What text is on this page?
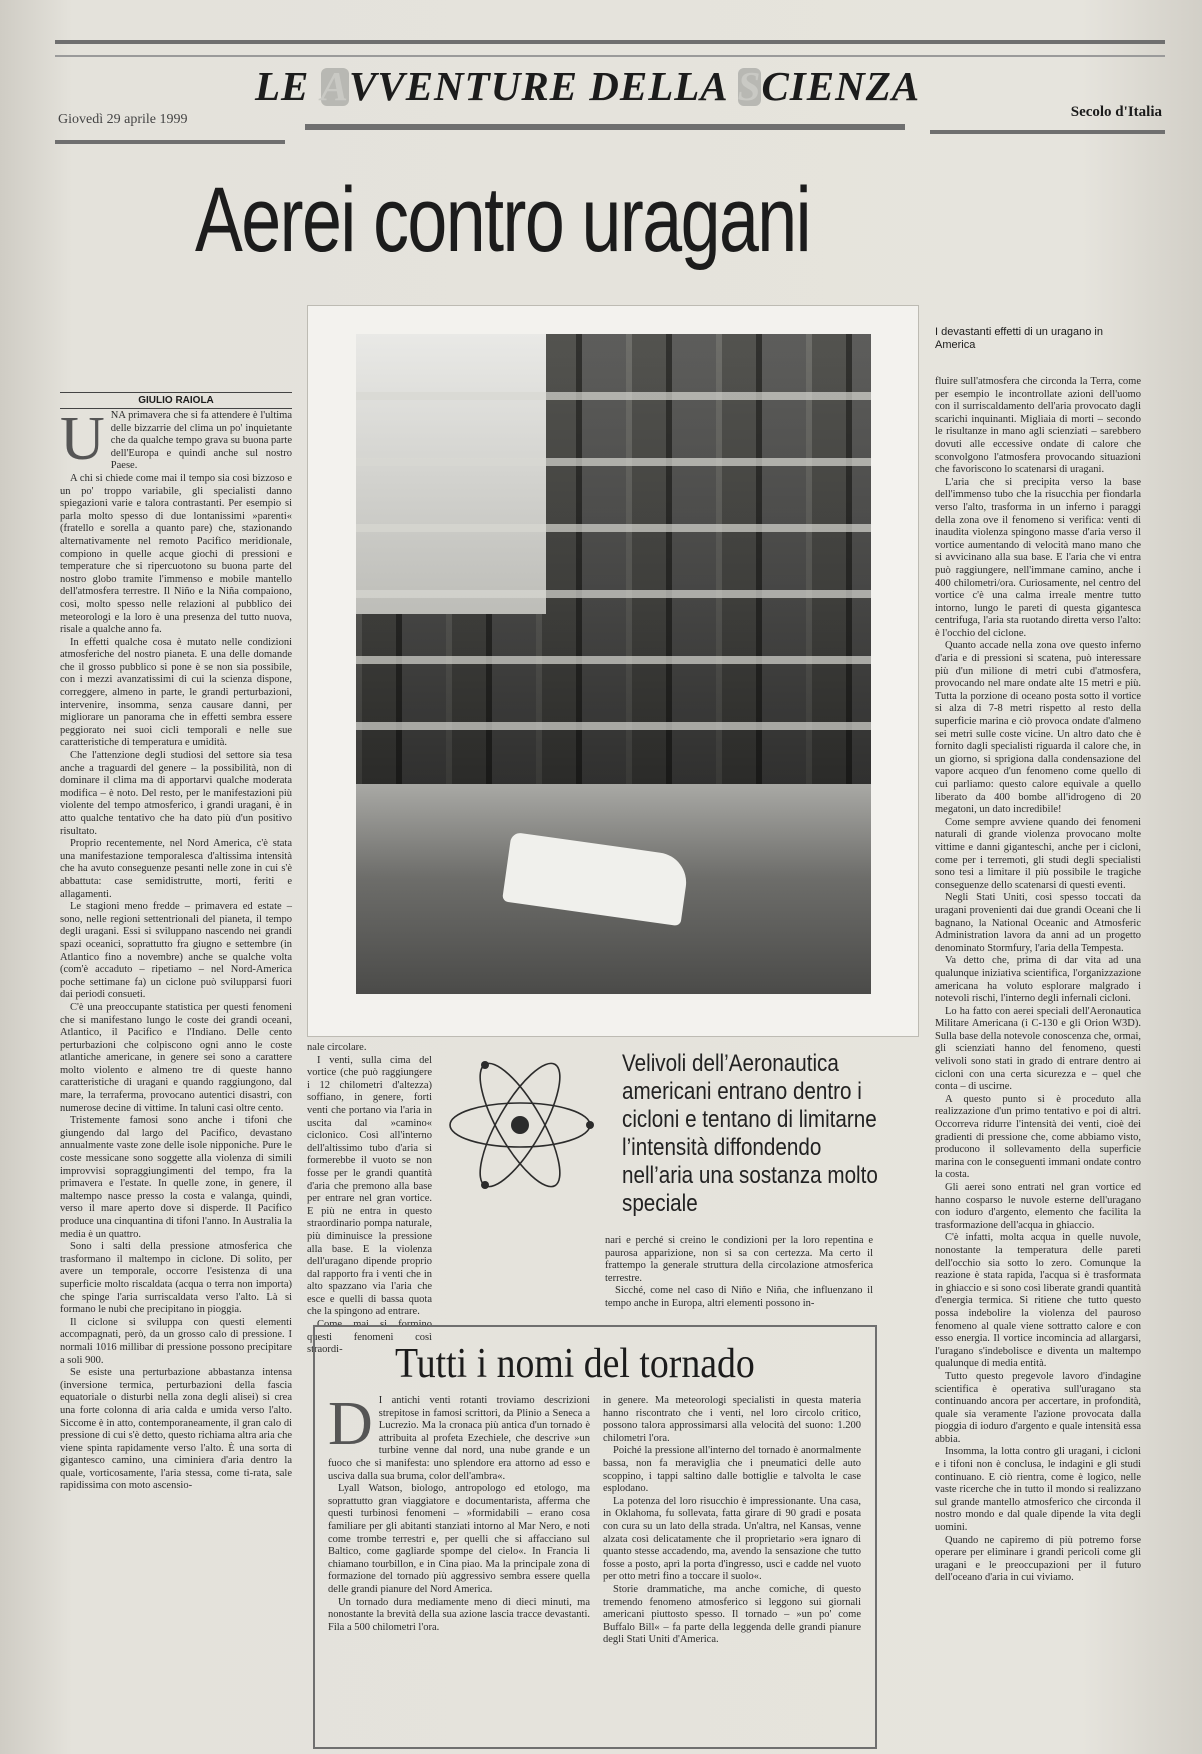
LE AVVENTURE DELLA SCIENZA
Giovedì 29 aprile 1999	Secolo d'Italia
Aerei contro uragani
GIULIO RAIOLA
U NA primavera che si fa attendere è l'ultima delle bizzarrie del clima un po' inquietante che da qualche tempo grava su buona parte dell'Europa e quindi anche sul nostro Paese.

A chi si chiede come mai il tempo sia così bizzoso e un po' troppo variabile, gli specialisti danno spiegazioni varie e talora contrastanti. Per esempio si parla molto spesso di due lontanissimi »parenti« (fratello e sorella a quanto pare) che, stazionando alternativamente nel remoto Pacifico meridionale, compiono in quelle acque giochi di pressioni e temperature che si ripercuotono su buona parte del nostro globo tramite l'immenso e mobile mantello dell'atmosfera terrestre. Il Niño e la Niña compaiono, così, molto spesso nelle relazioni al pubblico dei meteorologi e la loro è una presenza del tutto nuova, risale a qualche anno fa.

In effetti qualche cosa è mutato nelle condizioni atmosferiche del nostro pianeta. E una delle domande che il grosso pubblico si pone è se non sia possibile, con i mezzi avanzatissimi di cui la scienza dispone, correggere, almeno in parte, le grandi perturbazioni, intervenire, insomma, senza causare danni, per migliorare un panorama che in effetti sembra essere peggiorato nei suoi cicli temporali e nelle sue caratteristiche di temperatura e umidità.

Che l'attenzione degli studiosi del settore sia tesa anche a traguardi del genere – la possibilità, non di dominare il clima ma di apportarvi qualche moderata modifica – è noto. Del resto, per le manifestazioni più violente del tempo atmosferico, i grandi uragani, è in atto qualche tentativo che ha dato più d'un positivo risultato.

Proprio recentemente, nel Nord America, c'è stata una manifestazione temporalesca d'altissima intensità che ha avuto conseguenze pesanti nelle zone in cui s'è abbattuta: case semidistrutte, morti, feriti e allagamenti.

Le stagioni meno fredde – primavera ed estate – sono, nelle regioni settentrionali del pianeta, il tempo degli uragani. Essi si sviluppano nascendo nei grandi spazi oceanici, soprattutto fra giugno e settembre (in Atlantico fino a novembre) anche se qualche volta (com'è accaduto – ripetiamo – nel Nord-America poche settimane fa) un ciclone può svilupparsi fuori dai periodi consueti.

C'è una preoccupante statistica per questi fenomeni che si manifestano lungo le coste dei grandi oceani, Atlantico, il Pacifico e l'Indiano. Delle cento perturbazioni che colpiscono ogni anno le coste atlantiche americane, in genere sei sono a carattere molto violento e almeno tre di queste hanno caratteristiche di uragani e quando raggiungono, dal mare, la terraferma, provocano autentici disastri, con numerose decine di vittime. In taluni casi oltre cento.

Tristemente famosi sono anche i tifoni che giungendo dal largo del Pacifico, devastano annualmente vaste zone delle isole nipponiche. Pure le coste messicane sono soggette alla violenza di simili improvvisi sopraggiungimenti del tempo, fra la primavera e l'estate. In quelle zone, in genere, il maltempo nasce presso la costa e valanga, quindi, verso il mare aperto dove si disperde. Il Pacifico produce una cinquantina di tifoni l'anno. In Australia la media è un quattro.

Sono i salti della pressione atmosferica che trasformano il maltempo in ciclone. Di solito, per avere un temporale, occorre l'esistenza di una superficie molto riscaldata (acqua o terra non importa) che spinge l'aria surriscaldata verso l'alto. Là si formano le nubi che precipitano in pioggia.

Il ciclone si sviluppa con questi elementi accompagnati, però, da un grosso calo di pressione. I normali 1016 millibar di pressione possono precipitare a soli 900.

Se esiste una perturbazione abbastanza intensa (inversione termica, perturbazioni della fascia equatoriale o disturbi nella zona degli alisei) si crea una forte colonna di aria calda e umida verso l'alto. Siccome è in atto, contemporaneamente, il gran calo di pressione di cui s'è detto, questo richiama altra aria che viene spinta rapidamente verso l'alto. È una sorta di gigantesco camino, una ciminiera d'aria dentro la quale, vorticosamente, l'aria stessa, come ti-rata, sale rapidissima con moto ascensio-

I devastanti effetti di un uragano in America

nale circolare.

I venti, sulla cima del vortice (che può raggiungere i 12 chilometri d'altezza) soffiano, in genere, forti venti che portano via l'aria in uscita dal »camino« ciclonico. Così all'interno dell'altissimo tubo d'aria si formerebbe il vuoto se non fosse per le grandi quantità d'aria che premono alla base per entrare nel gran vortice. E più ne entra in questo straordinario pompa naturale, più diminuisce la pressione alla base. E la violenza dell'uragano dipende proprio dal rapporto fra i venti che in alto spazzano via l'aria che esce e quelli di bassa quota che la spingono ad entrare.

Come mai si formino questi fenomeni così straordi-

Velivoli dell’Aeronautica americani entrano dentro i cicloni e tentano di limitarne l’intensità diffondendo nell’aria una sostanza molto speciale

nari e perché si creino le condizioni per la loro repentina e paurosa apparizione, non si sa con certezza. Ma certo il frattempo la generale struttura della circolazione atmosferica terrestre.

Sicché, come nel caso di Niño e Niña, che influenzano il tempo anche in Europa, altri elementi possono in-

fluire sull'atmosfera che circonda la Terra, come per esempio le incontrollate azioni dell'uomo con il surriscaldamento dell'aria provocato dagli scarichi inquinanti. Migliaia di morti – secondo le risultanze in mano agli scienziati – sarebbero dovuti alle eccessive ondate di calore che sconvolgono l'atmosfera provocando situazioni che favoriscono lo scatenarsi di uragani.

L'aria che si precipita verso la base dell'immenso tubo che la risucchia per fiondarla verso l'alto, trasforma in un inferno i paraggi della zona ove il fenomeno si verifica: venti di inaudita violenza spingono masse d'aria verso il vortice aumentando di velocità mano mano che si avvicinano alla sua base. E l'aria che vi entra può raggiungere, nell'immane camino, anche i 400 chilometri/ora. Curiosamente, nel centro del vortice c'è una calma irreale mentre tutto intorno, lungo le pareti di questa gigantesca centrifuga, l'aria sta ruotando diretta verso l'alto: è l'occhio del ciclone.

Quanto accade nella zona ove questo inferno d'aria e di pressioni si scatena, può interessare più d'un milione di metri cubi d'atmosfera, provocando nel mare ondate alte 15 metri e più. Tutta la porzione di oceano posta sotto il vortice si alza di 7-8 metri rispetto al resto della superficie marina e ciò provoca ondate d'almeno sei metri sulle coste vicine. Un altro dato che è fornito dagli specialisti riguarda il calore che, in un giorno, si sprigiona dalla condensazione del vapore acqueo d'un fenomeno come quello di cui parliamo: questo calore equivale a quello liberato da 400 bombe all'idrogeno di 20 megatoni, un dato incredibile!

Come sempre avviene quando dei fenomeni naturali di grande violenza provocano molte vittime e danni giganteschi, anche per i cicloni, come per i terremoti, gli studi degli specialisti sono tesi a limitare il più possibile le tragiche conseguenze dello scatenarsi di questi eventi.

Negli Stati Uniti, così spesso toccati da uragani provenienti dai due grandi Oceani che li bagnano, la National Oceanic and Atmosferic Administration lavora da anni ad un progetto denominato Stormfury, l'aria della Tempesta.

Va detto che, prima di dar vita ad una qualunque iniziativa scientifica, l'organizzazione americana ha voluto esplorare malgrado i notevoli rischi, l'interno degli infernali cicloni.

Lo ha fatto con aerei speciali dell'Aeronautica Militare Americana (i C-130 e gli Orion W3D). Sulla base della notevole conoscenza che, ormai, gli scienziati hanno del fenomeno, questi velivoli sono stati in grado di entrare dentro ai cicloni con una certa sicurezza e – quel che conta – di uscirne.

A questo punto si è proceduto alla realizzazione d'un primo tentativo e poi di altri. Occorreva ridurre l'intensità dei venti, cioè dei gradienti di pressione che, come abbiamo visto, producono il sollevamento della superficie marina con le conseguenti immani ondate contro la costa.

Gli aerei sono entrati nel gran vortice ed hanno cosparso le nuvole esterne dell'uragano con ioduro d'argento, elemento che facilita la trasformazione dell'acqua in ghiaccio.

C'è infatti, molta acqua in quelle nuvole, nonostante la temperatura delle pareti dell'occhio sia sotto lo zero. Comunque la reazione è stata rapida, l'acqua si è trasformata in ghiaccio e si sono così liberate grandi quantità d'energia termica. Si ritiene che tutto questo possa indebolire la violenza del pauroso fenomeno al quale viene sottratto calore e con esso energia. Il vortice incomincia ad allargarsi, l'uragano s'indebolisce e diventa un maltempo qualunque di media entità.

Tutto questo pregevole lavoro d'indagine scientifica è operativa sull'uragano sta continuando ancora per accertare, in profondità, quale sia veramente l'azione provocata dalla pioggia di ioduro d'argento e quale intensità essa abbia.

Insomma, la lotta contro gli uragani, i cicloni e i tifoni non è conclusa, le indagini e gli studi continuano. E ciò rientra, come è logico, nelle vaste ricerche che in tutto il mondo si realizzano sul grande mantello atmosferico che circonda il nostro mondo e dal quale dipende la vita degli uomini.

Quando ne capiremo di più potremo forse operare per eliminare i grandi pericoli come gli uragani e le preoccupazioni per il futuro dell'oceano d'aria in cui viviamo.

Tutti i nomi del tornado
D I antichi venti rotanti troviamo descrizioni strepitose in famosi scrittori, da Plinio a Seneca a Lucrezio. Ma la cronaca più antica d'un tornado è attribuita al profeta Ezechiele, che descrive »un turbine venne dal nord, una nube grande e un fuoco che si manifesta: uno splendore era attorno ad esso e usciva dalla sua bruma, color dell'ambra«.

Lyall Watson, biologo, antropologo ed etologo, ma soprattutto gran viaggiatore e documentarista, afferma che questi turbinosi fenomeni – »formidabili – erano cosa familiare per gli abitanti stanziati intorno al Mar Nero, e noti come trombe terrestri e, per quelli che si affacciano sul Baltico, come gagliarde spompe del cielo«. In Francia li chiamano tourbillon, e in Cina piao. Ma la principale zona di formazione del tornado più aggressivo sembra essere quella delle grandi pianure del Nord America.

Un tornado dura mediamente meno di dieci minuti, ma nonostante la brevità della sua azione lascia tracce devastanti. Fila a 500 chilometri l'ora.

in genere. Ma meteorologi specialisti in questa materia hanno riscontrato che i venti, nel loro circolo critico, possono talora approssimarsi alla velocità del suono: 1.200 chilometri l'ora.

Poiché la pressione all'interno del tornado è anormalmente bassa, non fa meraviglia che i pneumatici delle auto scoppino, i tappi saltino dalle bottiglie e talvolta le case esplodano.

La potenza del loro risucchio è impressionante. Una casa, in Oklahoma, fu sollevata, fatta girare di 90 gradi e posata con cura su un lato della strada. Un'altra, nel Kansas, venne alzata così delicatamente che il proprietario »era ignaro di quanto stesse accadendo, ma, avendo la sensazione che tutto fosse a posto, aprì la porta d'ingresso, uscì e cadde nel vuoto per otto metri fino a toccare il suolo«.

Storie drammatiche, ma anche comiche, di questo tremendo fenomeno atmosferico si leggono sui giornali americani piuttosto spesso. Il tornado – »un po' come Buffalo Bill« – fa parte della leggenda delle grandi pianure degli Stati Uniti d'America.
